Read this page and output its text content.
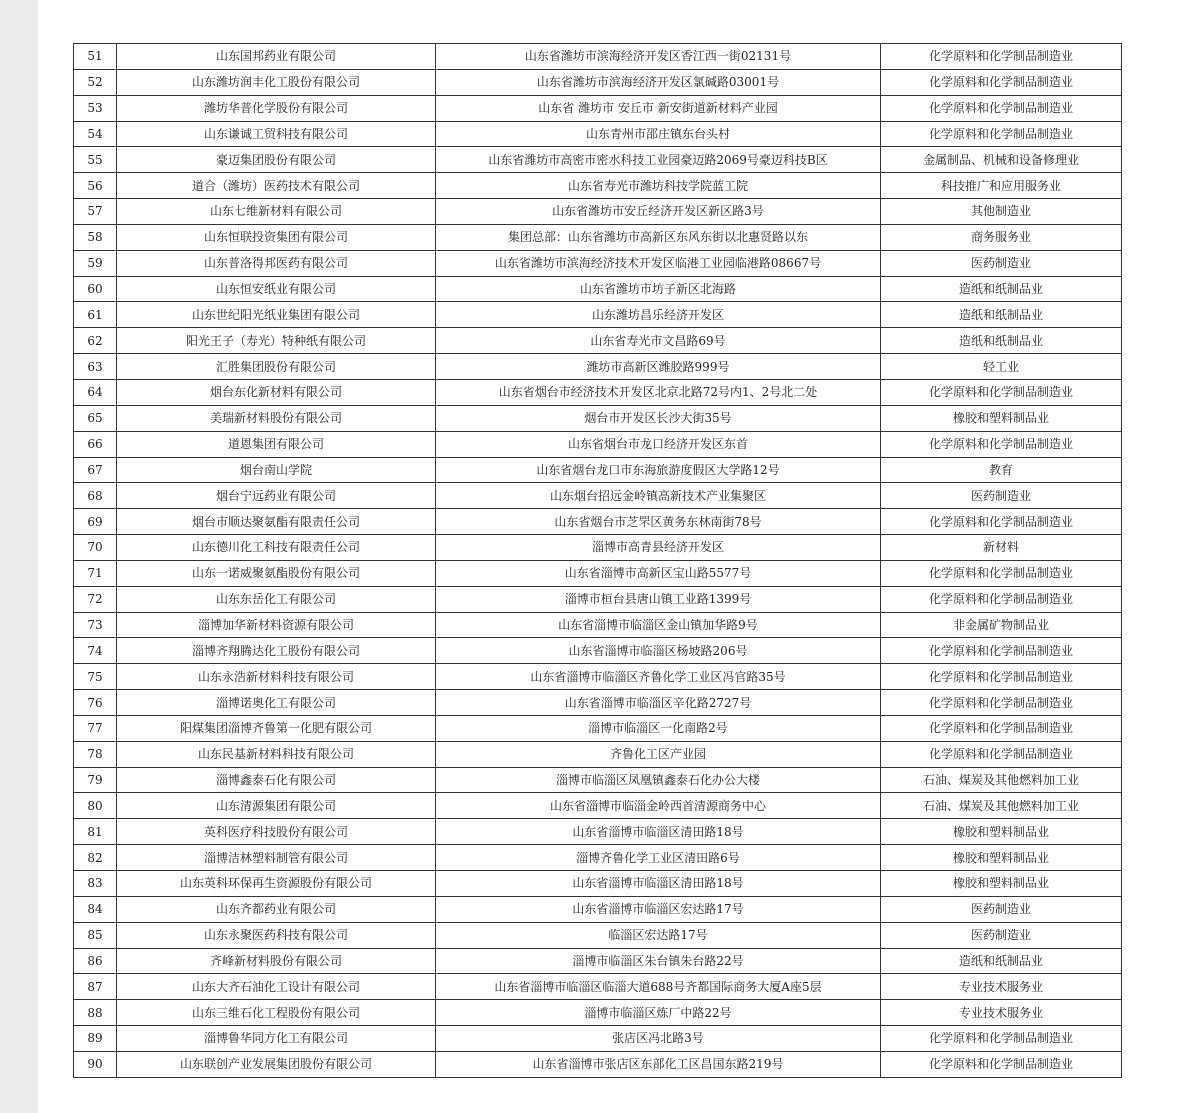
51	山东国邦药业有限公司	山东省潍坊市滨海经济开发区香江西一街02131号	化学原料和化学制品制造业
52	山东潍坊润丰化工股份有限公司	山东省潍坊市滨海经济开发区氯碱路03001号	化学原料和化学制品制造业
53	潍坊华普化学股份有限公司	山东省 潍坊市 安丘市 新安街道新材料产业园	化学原料和化学制品制造业
54	山东谦诚工贸科技有限公司	山东青州市邵庄镇东台头村	化学原料和化学制品制造业
55	豪迈集团股份有限公司	山东省潍坊市高密市密水科技工业园豪迈路2069号豪迈科技B区	金属制品、机械和设备修理业
56	道合（潍坊）医药技术有限公司	山东省寿光市潍坊科技学院蓝工院	科技推广和应用服务业
57	山东七维新材料有限公司	山东省潍坊市安丘经济开发区新区路3号	其他制造业
58	山东恒联投资集团有限公司	集团总部：山东省潍坊市高新区东风东街以北惠贤路以东	商务服务业
59	山东普洛得邦医药有限公司	山东省潍坊市滨海经济技术开发区临港工业园临港路08667号	医药制造业
60	山东恒安纸业有限公司	山东省潍坊市坊子新区北海路	造纸和纸制品业
61	山东世纪阳光纸业集团有限公司	山东潍坊昌乐经济开发区	造纸和纸制品业
62	阳光王子（寿光）特种纸有限公司	山东省寿光市文昌路69号	造纸和纸制品业
63	汇胜集团股份有限公司	潍坊市高新区潍胶路999号	轻工业
64	烟台东化新材料有限公司	山东省烟台市经济技术开发区北京北路72号内1、2号北二处	化学原料和化学制品制造业
65	美瑞新材料股份有限公司	烟台市开发区长沙大街35号	橡胶和塑料制品业
66	道恩集团有限公司	山东省烟台市龙口经济开发区东首	化学原料和化学制品制造业
67	烟台南山学院	山东省烟台龙口市东海旅游度假区大学路12号	教育
68	烟台宁远药业有限公司	山东烟台招远金岭镇高新技术产业集聚区	医药制造业
69	烟台市顺达聚氨酯有限责任公司	山东省烟台市芝罘区黄务东林南街78号	化学原料和化学制品制造业
70	山东德川化工科技有限责任公司	淄博市高青县经济开发区	新材料
71	山东一诺威聚氨酯股份有限公司	山东省淄博市高新区宝山路5577号	化学原料和化学制品制造业
72	山东东岳化工有限公司	淄博市桓台县唐山镇工业路1399号	化学原料和化学制品制造业
73	淄博加华新材料资源有限公司	山东省淄博市临淄区金山镇加华路9号	非金属矿物制品业
74	淄博齐翔腾达化工股份有限公司	山东省淄博市临淄区杨坡路206号	化学原料和化学制品制造业
75	山东永浩新材料科技有限公司	山东省淄博市临淄区齐鲁化学工业区冯官路35号	化学原料和化学制品制造业
76	淄博诺奥化工有限公司	山东省淄博市临淄区辛化路2727号	化学原料和化学制品制造业
77	阳煤集团淄博齐鲁第一化肥有限公司	淄博市临淄区一化南路2号	化学原料和化学制品制造业
78	山东民基新材料科技有限公司	齐鲁化工区产业园	化学原料和化学制品制造业
79	淄博鑫泰石化有限公司	淄博市临淄区凤凰镇鑫泰石化办公大楼	石油、煤炭及其他燃料加工业
80	山东清源集团有限公司	山东省淄博市临淄金岭西首清源商务中心	石油、煤炭及其他燃料加工业
81	英科医疗科技股份有限公司	山东省淄博市临淄区清田路18号	橡胶和塑料制品业
82	淄博洁林塑料制管有限公司	淄博齐鲁化学工业区清田路6号	橡胶和塑料制品业
83	山东英科环保再生资源股份有限公司	山东省淄博市临淄区清田路18号	橡胶和塑料制品业
84	山东齐都药业有限公司	山东省淄博市临淄区宏达路17号	医药制造业
85	山东永聚医药科技有限公司	临淄区宏达路17号	医药制造业
86	齐峰新材料股份有限公司	淄博市临淄区朱台镇朱台路22号	造纸和纸制品业
87	山东大齐石油化工设计有限公司	山东省淄博市临淄区临淄大道688号齐都国际商务大厦A座5层	专业技术服务业
88	山东三维石化工程股份有限公司	淄博市临淄区炼厂中路22号	专业技术服务业
89	淄博鲁华同方化工有限公司	张店区冯北路3号	化学原料和化学制品制造业
90	山东联创产业发展集团股份有限公司	山东省淄博市张店区东部化工区昌国东路219号	化学原料和化学制品制造业
